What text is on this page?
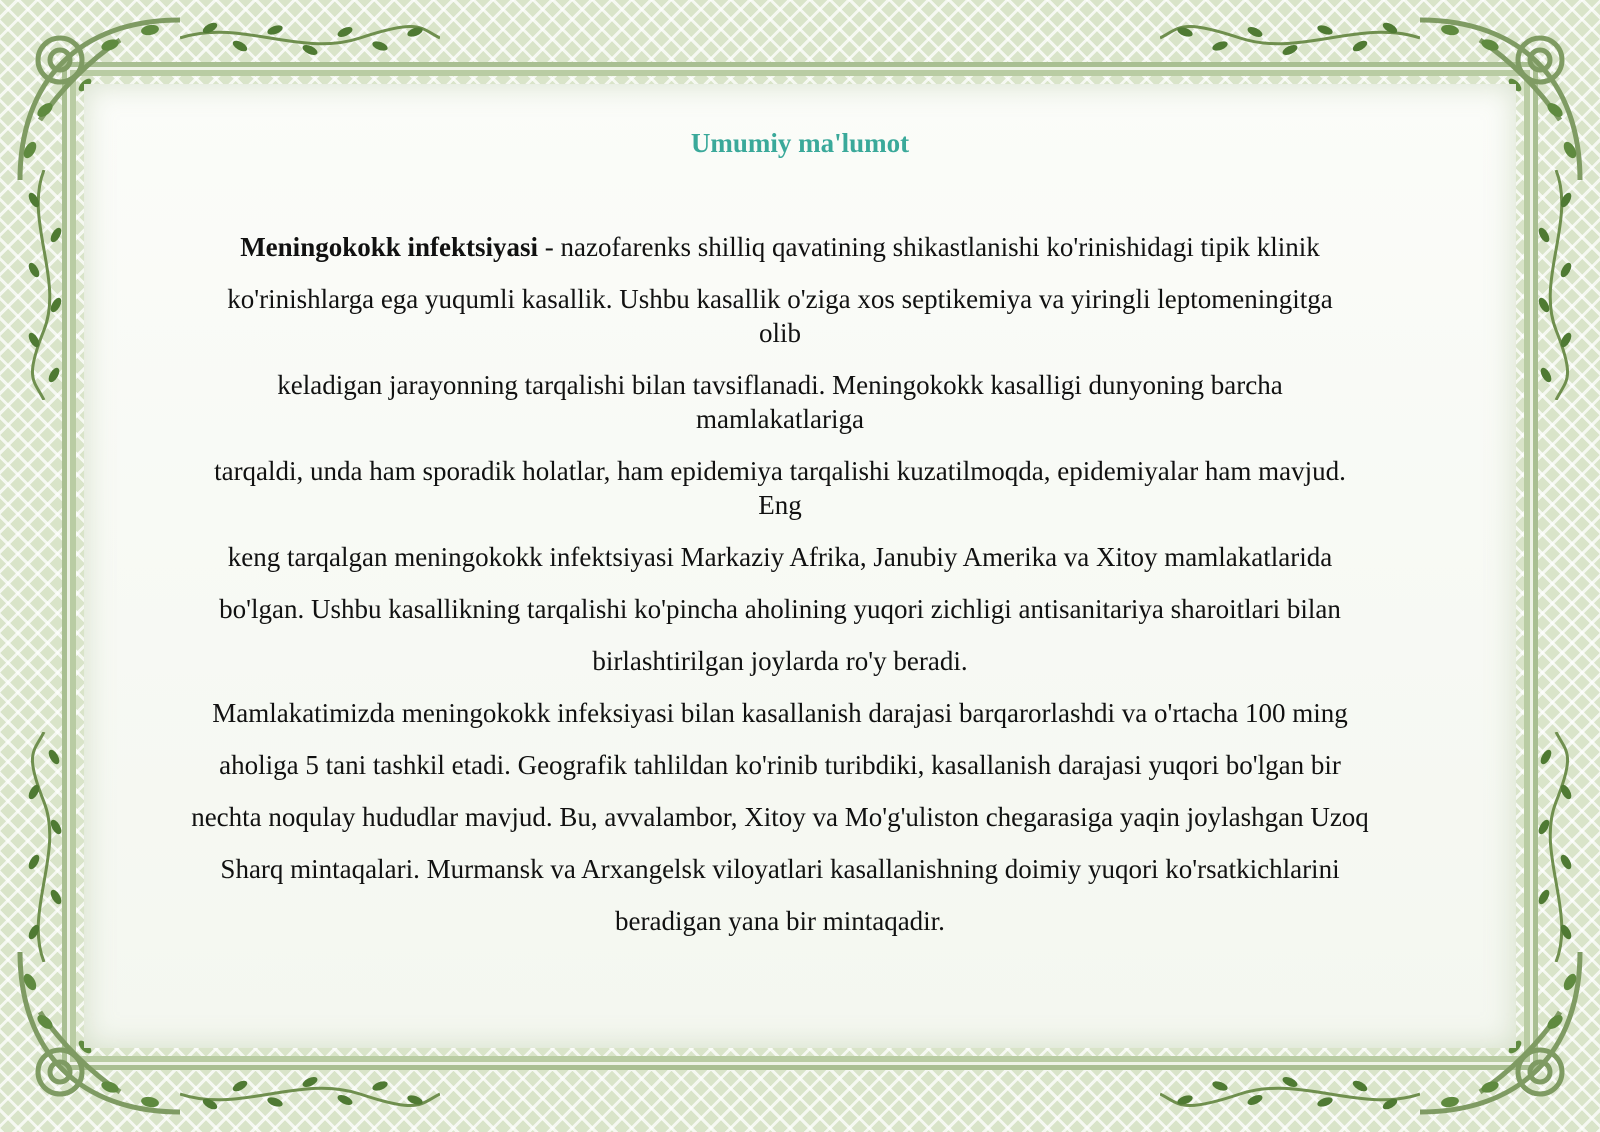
Umumiy ma'lumot
Meningokokk infektsiyasi - nazofarenks shilliq qavatining shikastlanishi ko'rinishidagi tipik klinik
ko'rinishlarga ega yuqumli kasallik. Ushbu kasallik o'ziga xos septikemiya va yiringli leptomeningitga
olib
keladigan jarayonning tarqalishi bilan tavsiflanadi. Meningokokk kasalligi dunyoning barcha
mamlakatlariga
tarqaldi, unda ham sporadik holatlar, ham epidemiya tarqalishi kuzatilmoqda, epidemiyalar ham mavjud.
Eng
keng tarqalgan meningokokk infektsiyasi Markaziy Afrika, Janubiy Amerika va Xitoy mamlakatlarida
bo'lgan. Ushbu kasallikning tarqalishi ko'pincha aholining yuqori zichligi antisanitariya sharoitlari bilan
birlashtirilgan joylarda ro'y beradi.
Mamlakatimizda meningokokk infeksiyasi bilan kasallanish darajasi barqarorlashdi va o'rtacha 100 ming
aholiga 5 tani tashkil etadi. Geografik tahlildan ko'rinib turibdiki, kasallanish darajasi yuqori bo'lgan bir
nechta noqulay hududlar mavjud. Bu, avvalambor, Xitoy va Mo'g'uliston chegarasiga yaqin joylashgan Uzoq
Sharq mintaqalari. Murmansk va Arxangelsk viloyatlari kasallanishning doimiy yuqori ko'rsatkichlarini
beradigan yana bir mintaqadir.
